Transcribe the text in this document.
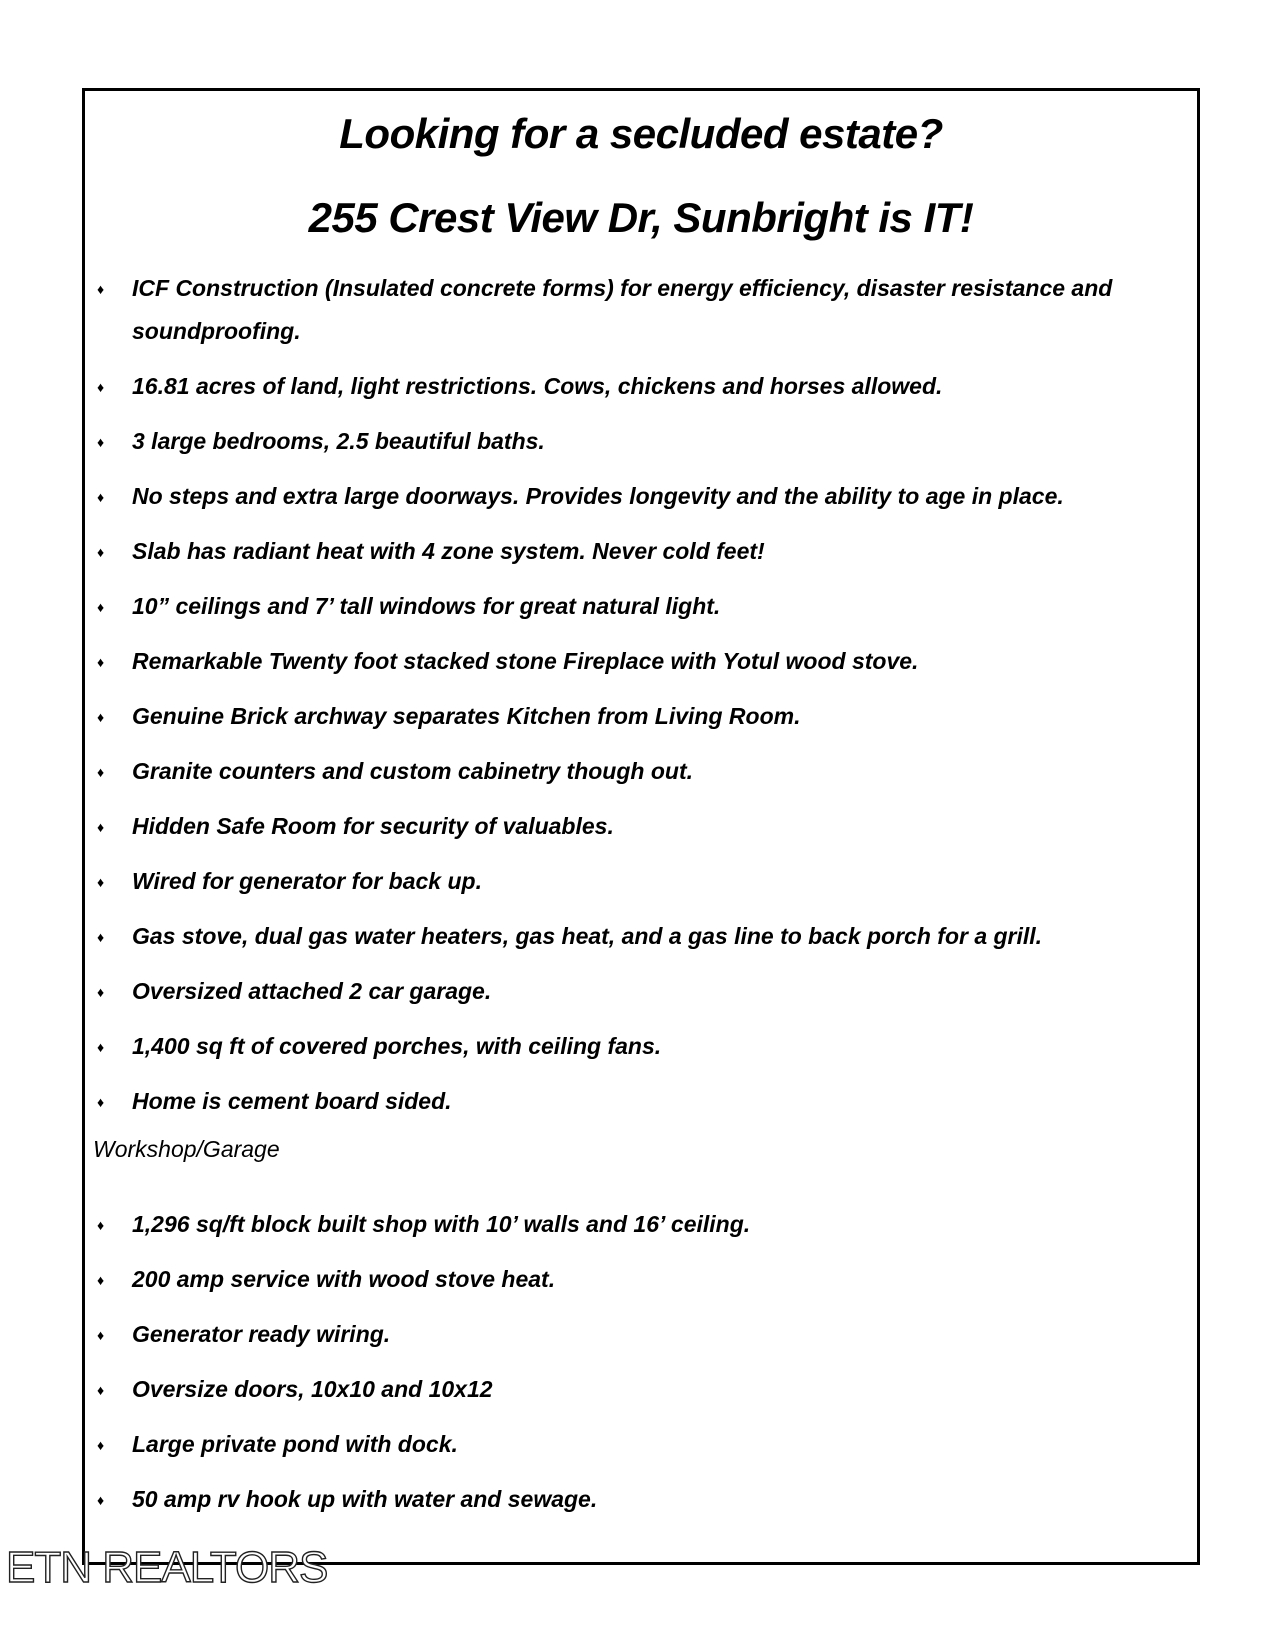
Looking for a secluded estate?
255 Crest View Dr, Sunbright is IT!
♦ ICF Construction (Insulated concrete forms) for energy efficiency, disaster resistance and soundproofing.
♦ 16.81 acres of land, light restrictions. Cows, chickens and horses allowed.
♦ 3 large bedrooms, 2.5 beautiful baths.
♦ No steps and extra large doorways. Provides longevity and the ability to age in place.
♦ Slab has radiant heat with 4 zone system. Never cold feet!
♦ 10” ceilings and 7’ tall windows for great natural light.
♦ Remarkable Twenty foot stacked stone Fireplace with Yotul wood stove.
♦ Genuine Brick archway separates Kitchen from Living Room.
♦ Granite counters and custom cabinetry though out.
♦ Hidden Safe Room for security of valuables.
♦ Wired for generator for back up.
♦ Gas stove, dual gas water heaters, gas heat, and a gas line to back porch for a grill.
♦ Oversized attached 2 car garage.
♦ 1,400 sq ft of covered porches, with ceiling fans.
♦ Home is cement board sided.

Workshop/Garage

♦ 1,296 sq/ft block built shop with 10’ walls and 16’ ceiling.
♦ 200 amp service with wood stove heat.
♦ Generator ready wiring.
♦ Oversize doors, 10x10 and 10x12
♦ Large private pond with dock.
♦ 50 amp rv hook up with water and sewage.
ETN REALTORS
